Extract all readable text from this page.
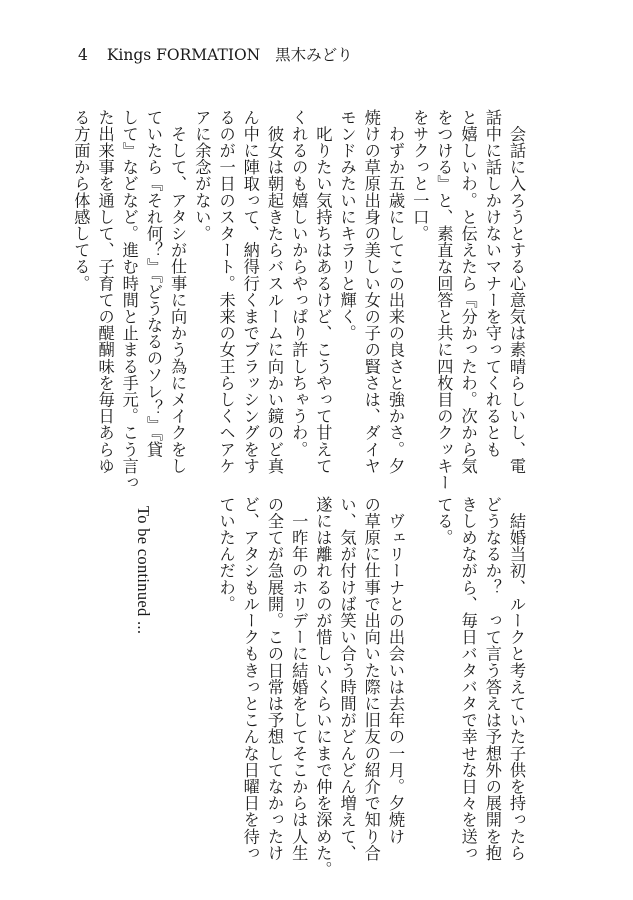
4 Kings FORMATION 黒木みどり

　会話に入ろうとする心意気は素晴らしいし、電

話中に話しかけないマナーを守ってくれるとも

と嬉しいわ。と伝えたら『分かったわ。次から気

をつける』と、素直な回答と共に四枚目のクッキー

をサクっと一口。

　わずか五歳にしてこの出来の良さと強かさ。夕

焼けの草原出身の美しい女の子の賢さは、ダイヤ

モンドみたいにキラリと輝く。

　叱りたい気持ちはあるけど、こうやって甘えて

くれるのも嬉しいからやっぱり許しちゃうわ。

　彼女は朝起きたらバスルームに向かい鏡のど真

ん中に陣取って、納得行くまでブラッシングをす

るのが一日のスタート。未来の女王らしくヘアケ

アに余念がない。

　そして、アタシが仕事に向かう為にメイクをし

ていたら『それ何？』『どうなるのソレ？』『貸

して』などなど。進む時間と止まる手元。こう言っ

た出来事を通して、子育ての醍醐味を毎日あらゆ

る方面から体感してる。

　結婚当初、ルークと考えていた子供を持ったら

どうなるか？　って言う答えは予想外の展開を抱

きしめながら、毎日バタバタで幸せな日々を送っ

てる。

　ヴェリーナとの出会いは去年の一月。夕焼け

の草原に仕事で出向いた際に旧友の紹介で知り合

い、気が付けば笑い合う時間がどんどん増えて、

遂には離れるのが惜しいくらいにまで仲を深めた。

　一昨年のホリデーに結婚をしてそこからは人生

の全てが急展開。この日常は予想してなかったけ

ど、アタシもルークもきっとこんな日曜日を待っ

ていたんだわ。

To be continued ...
